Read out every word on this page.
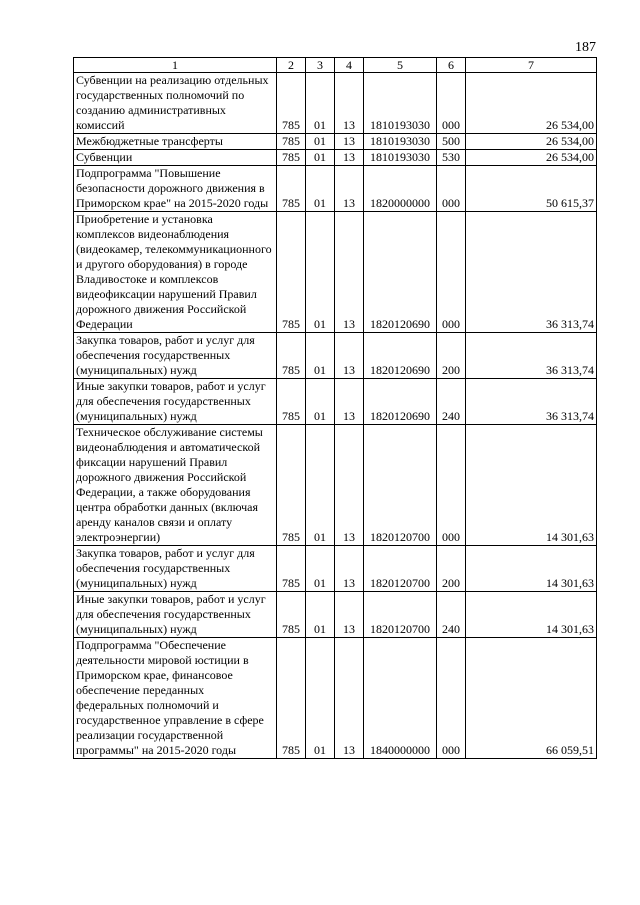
187
1	2	3	4	5	6	7
Субвенции на реализацию отдельных государственных полномочий по созданию административных комиссий	785	01	13	1810193030	000	26 534,00
Межбюджетные трансферты	785	01	13	1810193030	500	26 534,00
Субвенции	785	01	13	1810193030	530	26 534,00
Подпрограмма "Повышение безопасности дорожного движения в Приморском крае" на 2015-2020 годы	785	01	13	1820000000	000	50 615,37
Приобретение и установка комплексов видеонаблюдения (видеокамер, телекоммуникационного и другого оборудования) в городе Владивостоке и комплексов видеофиксации нарушений Правил дорожного движения Российской Федерации	785	01	13	1820120690	000	36 313,74
Закупка товаров, работ и услуг для обеспечения государственных (муниципальных) нужд	785	01	13	1820120690	200	36 313,74
Иные закупки товаров, работ и услуг для обеспечения государственных (муниципальных) нужд	785	01	13	1820120690	240	36 313,74
Техническое обслуживание системы видеонаблюдения и автоматической фиксации нарушений Правил дорожного движения Российской Федерации, а также оборудования центра обработки данных (включая аренду каналов связи и оплату электроэнергии)	785	01	13	1820120700	000	14 301,63
Закупка товаров, работ и услуг для обеспечения государственных (муниципальных) нужд	785	01	13	1820120700	200	14 301,63
Иные закупки товаров, работ и услуг для обеспечения государственных (муниципальных) нужд	785	01	13	1820120700	240	14 301,63
Подпрограмма "Обеспечение деятельности мировой юстиции в Приморском крае, финансовое обеспечение переданных федеральных полномочий и государственное управление в сфере реализации государственной программы" на 2015-2020 годы	785	01	13	1840000000	000	66 059,51
